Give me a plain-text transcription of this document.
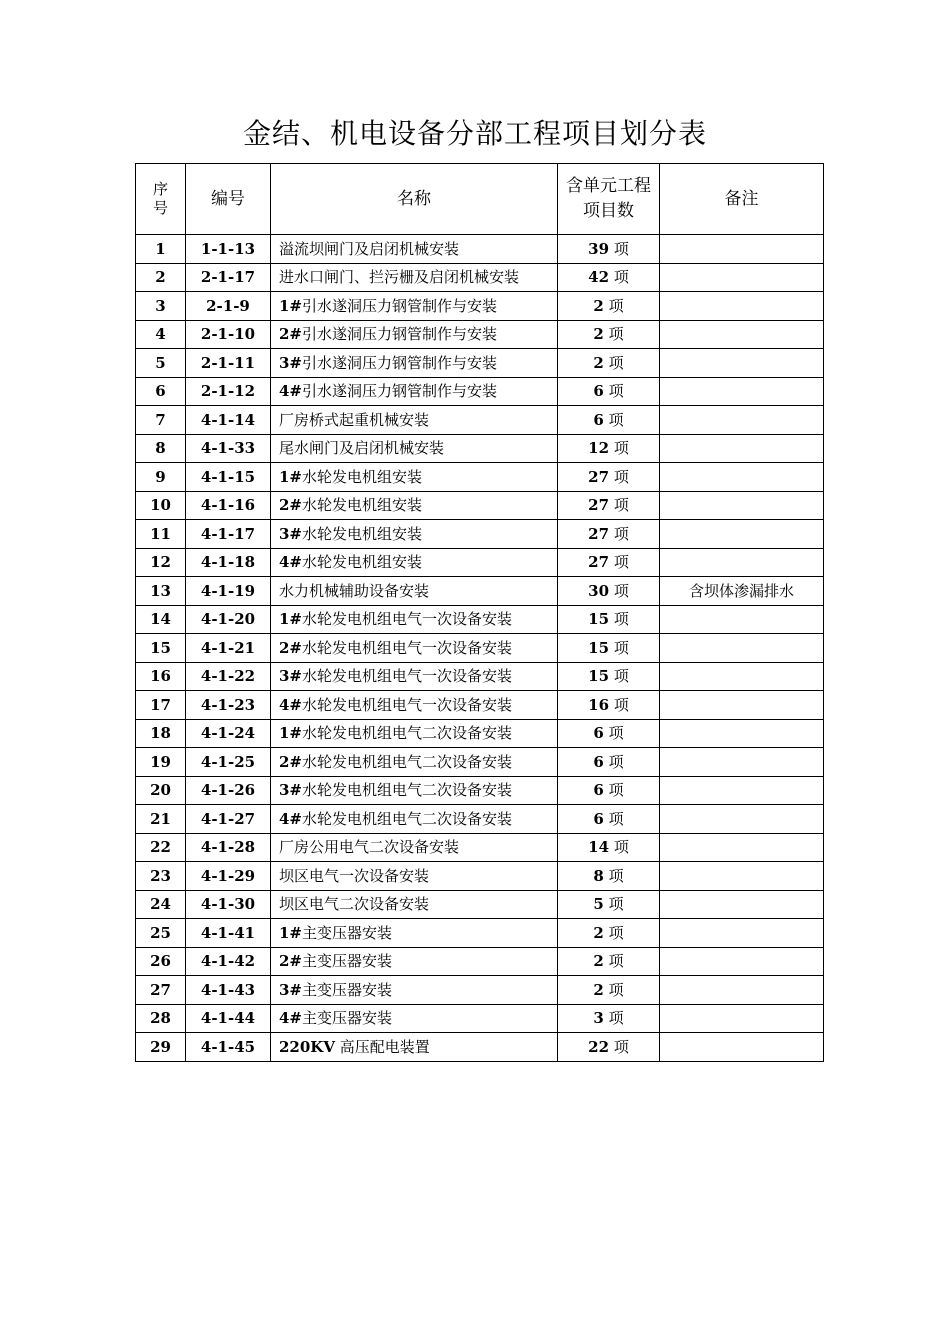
金结、机电设备分部工程项目划分表
序号	编号	名称	含单元工程项目数	备注
1	1-1-13	溢流坝闸门及启闭机械安装	39 项	
2	2-1-17	进水口闸门、拦污栅及启闭机械安装	42 项	
3	2-1-9	1#引水遂洞压力钢管制作与安装	2 项	
4	2-1-10	2#引水遂洞压力钢管制作与安装	2 项	
5	2-1-11	3#引水遂洞压力钢管制作与安装	2 项	
6	2-1-12	4#引水遂洞压力钢管制作与安装	6 项	
7	4-1-14	厂房桥式起重机械安装	6 项	
8	4-1-33	尾水闸门及启闭机械安装	12 项	
9	4-1-15	1#水轮发电机组安装	27 项	
10	4-1-16	2#水轮发电机组安装	27 项	
11	4-1-17	3#水轮发电机组安装	27 项	
12	4-1-18	4#水轮发电机组安装	27 项	
13	4-1-19	水力机械辅助设备安装	30 项	含坝体渗漏排水
14	4-1-20	1#水轮发电机组电气一次设备安装	15 项	
15	4-1-21	2#水轮发电机组电气一次设备安装	15 项	
16	4-1-22	3#水轮发电机组电气一次设备安装	15 项	
17	4-1-23	4#水轮发电机组电气一次设备安装	16 项	
18	4-1-24	1#水轮发电机组电气二次设备安装	6 项	
19	4-1-25	2#水轮发电机组电气二次设备安装	6 项	
20	4-1-26	3#水轮发电机组电气二次设备安装	6 项	
21	4-1-27	4#水轮发电机组电气二次设备安装	6 项	
22	4-1-28	厂房公用电气二次设备安装	14 项	
23	4-1-29	坝区电气一次设备安装	8 项	
24	4-1-30	坝区电气二次设备安装	5 项	
25	4-1-41	1#主变压器安装	2 项	
26	4-1-42	2#主变压器安装	2 项	
27	4-1-43	3#主变压器安装	2 项	
28	4-1-44	4#主变压器安装	3 项	
29	4-1-45	220KV 高压配电装置	22 项	
